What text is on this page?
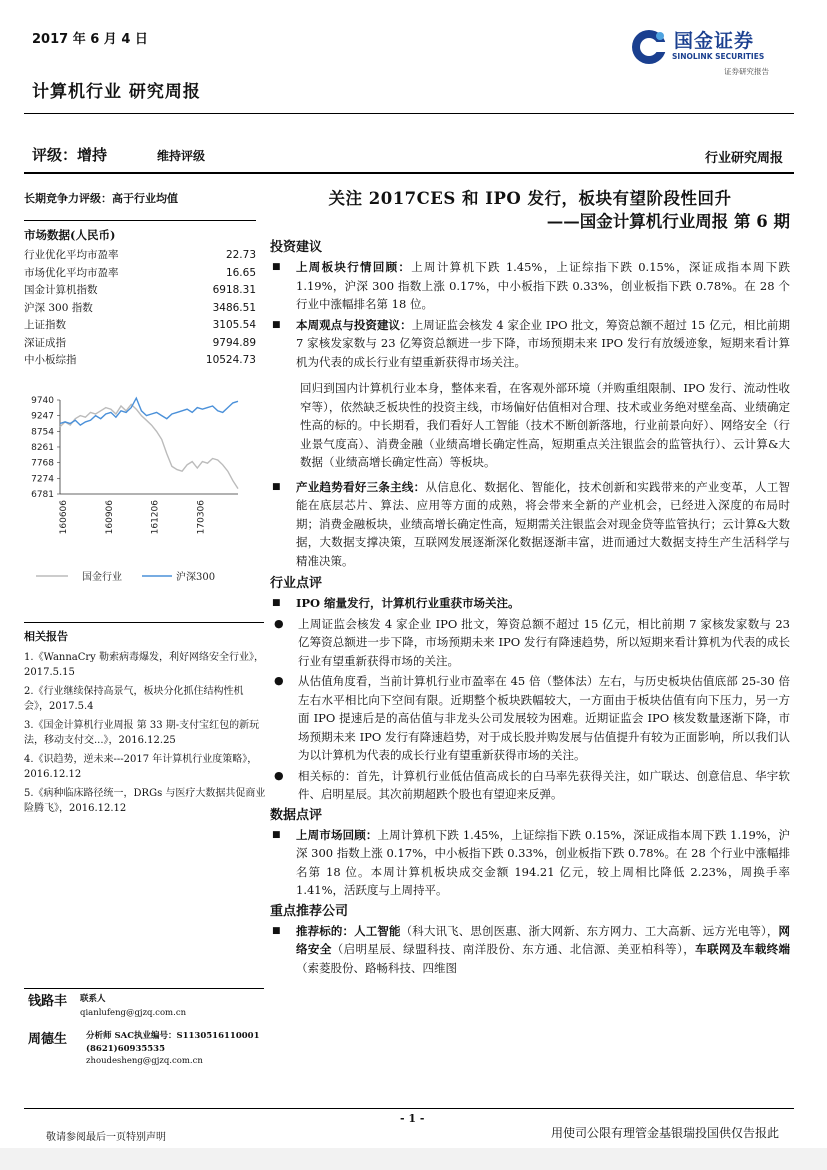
2017 年 6 月 4 日
计算机行业 研究周报
评级：增持	维持评级	行业研究周报
国金证券
SINOLINK SECURITIES
证券研究报告
长期竞争力评级：高于行业均值
市场数据(人民币)
行业优化平均市盈率	22.73
市场优化平均市盈率	16.65
国金计算机指数	6918.31
沪深 300 指数	3486.51
上证指数	3105.54
深证成指	9794.89
中小板综指	10524.73
9740
9247
8754
8261
7768
7274
6781
160606	160906	161206	170306
国金行业	沪深300
相关报告
1.《WannaCry 勒索病毒爆发，利好网络安全行业》，2017.5.15
2.《行业继续保持高景气，板块分化抓住结构性机会》，2017.5.4
3.《国金计算机行业周报 第 33 期-支付宝红包的新玩法，移动支付交...》，2016.12.25
4.《识趋势，逆未来---2017 年计算机行业度策略》，2016.12.12
5.《病种临床路径统一，DRGs 与医疗大数据共促商业险腾飞》，2016.12.12
钱路丰	联系人
qianlufeng@gjzq.com.cn
周德生	分析师 SAC执业编号：S1130516110001
(8621)60935535
zhoudesheng@gjzq.com.cn
关注 2017CES 和 IPO 发行，板块有望阶段性回升
——国金计算机行业周报 第 6 期
投资建议
■	上周板块行情回顾：上周计算机下跌 1.45%，上证综指下跌 0.15%，深证成指本周下跌 1.19%，沪深 300 指数上涨 0.17%，中小板指下跌 0.33%，创业板指下跌 0.78%。在 28 个行业中涨幅排名第 18 位。
■	本周观点与投资建议：上周证监会核发 4 家企业 IPO 批文，筹资总额不超过 15 亿元，相比前期 7 家核发家数与 23 亿筹资总额进一步下降，市场预期未来 IPO 发行有放缓迹象，短期来看计算机为代表的成长行业有望重新获得市场关注。
回归到国内计算机行业本身，整体来看，在客观外部环境（并购重组限制、IPO 发行、流动性收窄等），依然缺乏板块性的投资主线，市场偏好估值相对合理、技术或业务绝对壁垒高、业绩确定性高的标的。中长期看，我们看好人工智能（技术不断创新落地，行业前景向好）、网络安全（行业景气度高）、消费金融（业绩高增长确定性高，短期重点关注银监会的监管执行）、云计算&大数据（业绩高增长确定性高）等板块。
■	产业趋势看好三条主线：从信息化、数据化、智能化，技术创新和实践带来的产业变革，人工智能在底层芯片、算法、应用等方面的成熟，将会带来全新的产业机会，已经进入深度的布局时期；消费金融板块，业绩高增长确定性高，短期需关注银监会对现金贷等监管执行；云计算&大数据，大数据支撑决策，互联网发展逐渐深化数据逐渐丰富，进而通过大数据支持生产生活科学与精准决策。
行业点评
■	IPO 缩量发行，计算机行业重获市场关注。
●	上周证监会核发 4 家企业 IPO 批文，筹资总额不超过 15 亿元，相比前期 7 家核发家数与 23 亿筹资总额进一步下降，市场预期未来 IPO 发行有降速趋势，所以短期来看计算机为代表的成长行业有望重新获得市场的关注。
●	从估值角度看，当前计算机行业市盈率在 45 倍（整体法）左右，与历史板块估值底部 25-30 倍左右水平相比向下空间有限。近期整个板块跌幅较大，一方面由于板块估值有向下压力，另一方面 IPO 提速后是的高估值与非龙头公司发展较为困难。近期证监会 IPO 核发数量逐渐下降，市场预期未来 IPO 发行有降速趋势，对于成长股并购发展与估值提升有较为正面影响，所以我们认为以计算机为代表的成长行业有望重新获得市场的关注。
●	相关标的：首先，计算机行业低估值高成长的白马率先获得关注，如广联达、创意信息、华宇软件、启明星辰。其次前期超跌个股也有望迎来反弹。
数据点评
■	上周市场回顾：上周计算机下跌 1.45%，上证综指下跌 0.15%，深证成指本周下跌 1.19%，沪深 300 指数上涨 0.17%，中小板指下跌 0.33%，创业板指下跌 0.78%。在 28 个行业中涨幅排名第 18 位。本周计算机板块成交金额 194.21 亿元，较上周相比降低 2.23%，周换手率 1.41%，活跃度与上周持平。
重点推荐公司
■	推荐标的：人工智能（科大讯飞、思创医惠、浙大网新、东方网力、工大高新、远方光电等），网络安全（启明星辰、绿盟科技、南洋股份、东方通、北信源、美亚柏科等），车联网及车载终端（索菱股份、路畅科技、四维图
- 1 -
敬请参阅最后一页特别声明	用使司公限有理管金基银瑞投国供仅告报此
